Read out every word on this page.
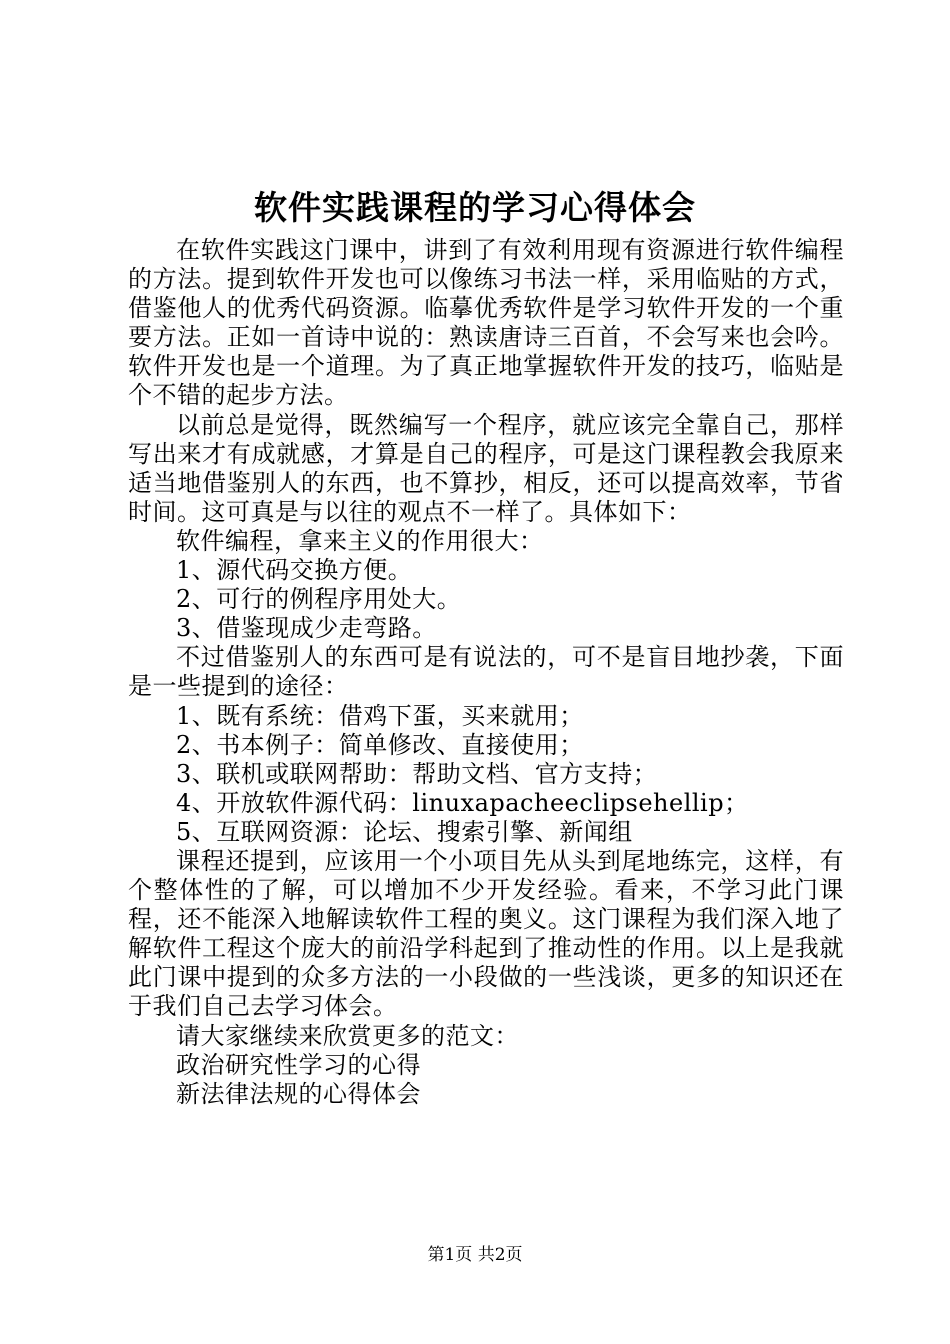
软件实践课程的学习心得体会

在软件实践这门课中，讲到了有效利用现有资源进行软件编程的方法。提到软件开发也可以像练习书法一样，采用临贴的方式，借鉴他人的优秀代码资源。临摹优秀软件是学习软件开发的一个重要方法。正如一首诗中说的：熟读唐诗三百首，不会写来也会吟。软件开发也是一个道理。为了真正地掌握软件开发的技巧，临贴是个不错的起步方法。

以前总是觉得，既然编写一个程序，就应该完全靠自己，那样写出来才有成就感，才算是自己的程序，可是这门课程教会我原来适当地借鉴别人的东西，也不算抄，相反，还可以提高效率，节省时间。这可真是与以往的观点不一样了。具体如下：

软件编程，拿来主义的作用很大：

1、源代码交换方便。

2、可行的例程序用处大。

3、借鉴现成少走弯路。

不过借鉴别人的东西可是有说法的，可不是盲目地抄袭，下面是一些提到的途径：

1、既有系统：借鸡下蛋，买来就用；

2、书本例子：简单修改、直接使用；

3、联机或联网帮助：帮助文档、官方支持；

4、开放软件源代码：linuxapacheeclipsehellip；

5、互联网资源：论坛、搜索引擎、新闻组

课程还提到，应该用一个小项目先从头到尾地练完，这样，有个整体性的了解，可以增加不少开发经验。看来，不学习此门课程，还不能深入地解读软件工程的奥义。这门课程为我们深入地了解软件工程这个庞大的前沿学科起到了推动性的作用。以上是我就此门课中提到的众多方法的一小段做的一些浅谈，更多的知识还在于我们自己去学习体会。

请大家继续来欣赏更多的范文：

政治研究性学习的心得

新法律法规的心得体会

第1页 共2页
